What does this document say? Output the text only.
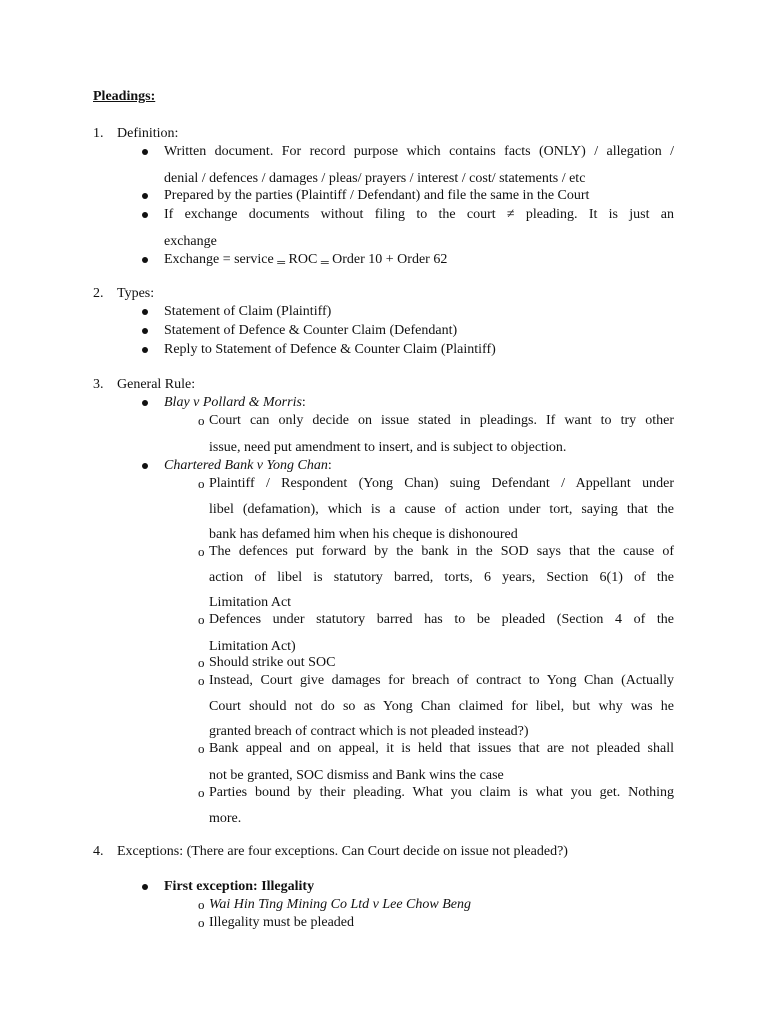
Pleadings:
1. Definition:
Written document. For record purpose which contains facts (ONLY) / allegation /
denial / defences / damages / pleas/ prayers / interest / cost/ statements / etc
Prepared by the parties (Plaintiff / Defendant) and file the same in the Court
If exchange documents without filing to the court ≠ pleading. It is just an
exchange
Exchange = service $_═$ ROC $_═$ Order 10 + Order 62
2. Types:
Statement of Claim (Plaintiff)
Statement of Defence & Counter Claim (Defendant)
Reply to Statement of Defence & Counter Claim (Plaintiff)
3. General Rule:
Blay v Pollard & Morris:
o Court can only decide on issue stated in pleadings. If want to try other
issue, need put amendment to insert, and is subject to objection.
Chartered Bank v Yong Chan:
o Plaintiff / Respondent (Yong Chan) suing Defendant / Appellant under
libel (defamation), which is a cause of action under tort, saying that the
bank has defamed him when his cheque is dishonoured
o The defences put forward by the bank in the SOD says that the cause of
action of libel is statutory barred, torts, 6 years, Section 6(1) of the
Limitation Act
o Defences under statutory barred has to be pleaded (Section 4 of the
Limitation Act)
o Should strike out SOC
o Instead, Court give damages for breach of contract to Yong Chan (Actually
Court should not do so as Yong Chan claimed for libel, but why was he
granted breach of contract which is not pleaded instead?)
o Bank appeal and on appeal, it is held that issues that are not pleaded shall
not be granted, SOC dismiss and Bank wins the case
o Parties bound by their pleading. What you claim is what you get. Nothing
more.
4. Exceptions: (There are four exceptions. Can Court decide on issue not pleaded?)
First exception: Illegality
o Wai Hin Ting Mining Co Ltd v Lee Chow Beng
o Illegality must be pleaded
